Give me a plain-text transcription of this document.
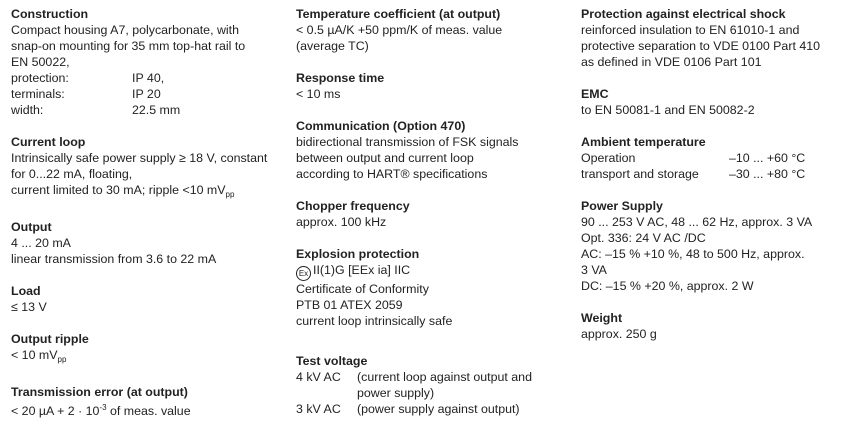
Construction
Compact housing A7, polycarbonate, with
snap-on mounting for 35 mm top-hat rail to
EN 50022,
protection:	IP 40,
terminals:	IP 20
width:	22.5 mm
Current loop
Intrinsically safe power supply ≥ 18 V, constant
for 0...22 mA, floating,
current limited to 30 mA; ripple <10 $mV_{pp}$
Output
4 ... 20 mA
linear transmission from 3.6 to 22 mA
Load
≤ 13 V
Output ripple
< 10 $mV_{pp}$
Transmission error (at output)
< 20 $\mu A + 2 \cdot 10^{-3}$ of meas. value
Temperature coefficient (at output)
< 0.5 µA/K +50 ppm/K of meas. value
(average TC)
Response time
< 10 ms
Communication (Option 470)
bidirectional transmission of FSK signals
between output and current loop
according to HART® specifications
Chopper frequency
approx. 100 kHz
Explosion protection
Ex II(1)G [EEx ia] IIC
Certificate of Conformity
PTB 01 ATEX 2059
current loop intrinsically safe
Test voltage
4 kV AC	(current loop against output and
power supply)
3 kV AC	(power supply against output)
Protection against electrical shock
reinforced insulation to EN 61010-1 and
protective separation to VDE 0100 Part 410
as defined in VDE 0106 Part 101
EMC
to EN 50081-1 and EN 50082-2
Ambient temperature
Operation	–10 ... +60 °C
transport and storage	–30 ... +80 °C
Power Supply
90 ... 253 V AC, 48 ... 62 Hz, approx. 3 VA
Opt. 336: 24 V AC /DC
AC: –15 % +10 %, 48 to 500 Hz, approx.
3 VA
DC: –15 % +20 %, approx. 2 W
Weight
approx. 250 g
